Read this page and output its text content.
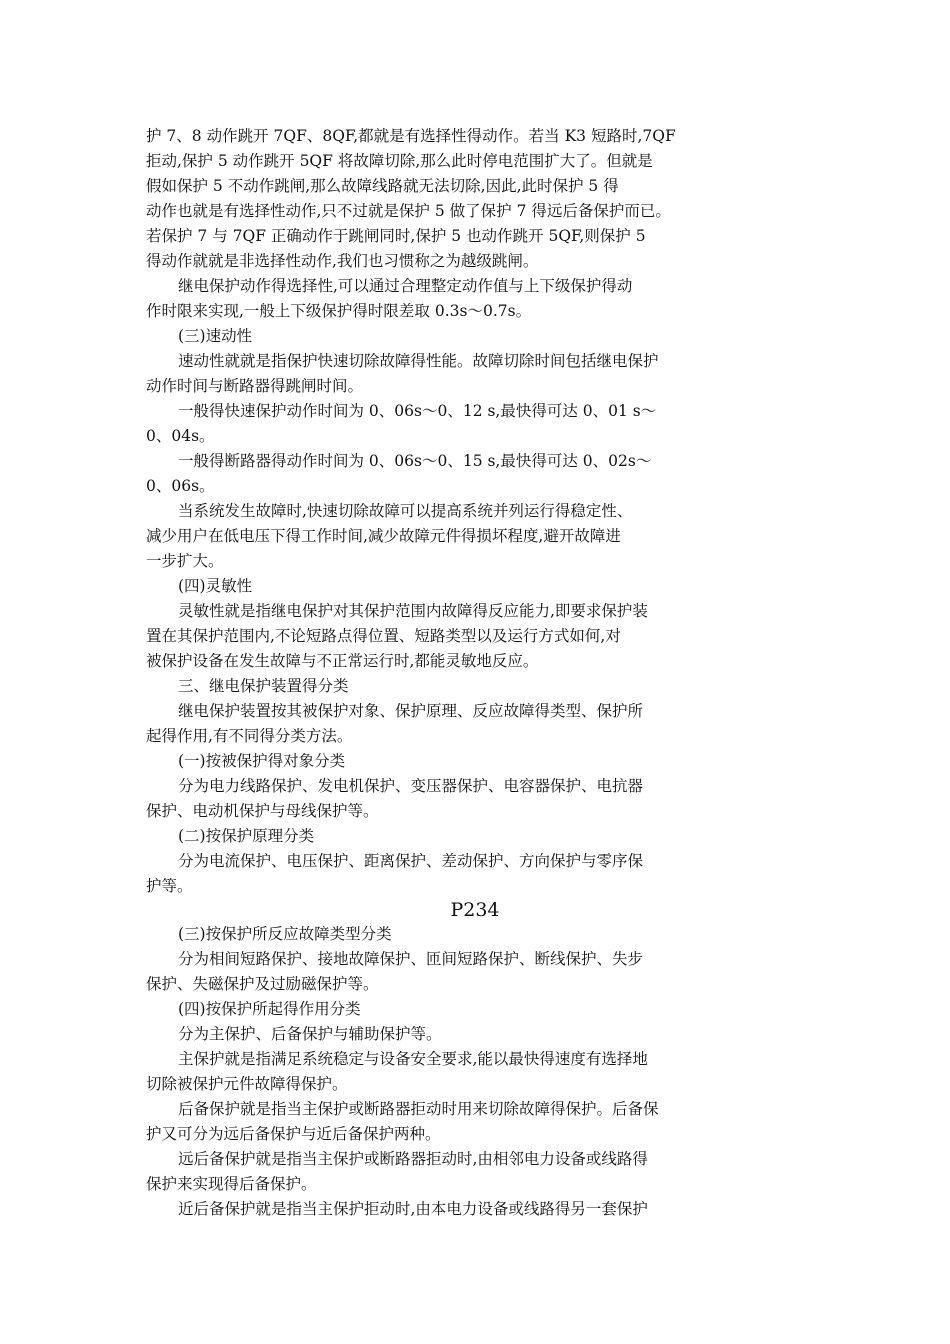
护 7、8 动作跳开 7QF、8QF,都就是有选择性得动作。若当 K3 短路时,7QF
拒动,保护 5 动作跳开 5QF 将故障切除,那么此时停电范围扩大了。但就是
假如保护 5 不动作跳闸,那么故障线路就无法切除,因此,此时保护 5 得
动作也就是有选择性动作,只不过就是保护 5 做了保护 7 得远后备保护而已。
若保护 7 与 7QF 正确动作于跳闸同时,保护 5 也动作跳开 5QF,则保护 5
得动作就就是非选择性动作,我们也习惯称之为越级跳闸。
继电保护动作得选择性,可以通过合理整定动作值与上下级保护得动
作时限来实现,一般上下级保护得时限差取 0.3s～0.7s。
(三)速动性
速动性就就是指保护快速切除故障得性能。故障切除时间包括继电保护
动作时间与断路器得跳闸时间。
一般得快速保护动作时间为 0、06s～0、12 s,最快得可达 0、01 s～
0、04s。
一般得断路器得动作时间为 0、06s～0、15 s,最快得可达 0、02s～
0、06s。
当系统发生故障时,快速切除故障可以提高系统并列运行得稳定性、
减少用户在低电压下得工作时间,减少故障元件得损坏程度,避开故障进
一步扩大。
(四)灵敏性
灵敏性就是指继电保护对其保护范围内故障得反应能力,即要求保护装
置在其保护范围内,不论短路点得位置、短路类型以及运行方式如何,对
被保护设备在发生故障与不正常运行时,都能灵敏地反应。
三、继电保护装置得分类
继电保护装置按其被保护对象、保护原理、反应故障得类型、保护所
起得作用,有不同得分类方法。
(一)按被保护得对象分类
分为电力线路保护、发电机保护、变压器保护、电容器保护、电抗器
保护、电动机保护与母线保护等。
(二)按保护原理分类
分为电流保护、电压保护、距离保护、差动保护、方向保护与零序保
护等。
P234
(三)按保护所反应故障类型分类
分为相间短路保护、接地故障保护、匝间短路保护、断线保护、失步
保护、失磁保护及过励磁保护等。
(四)按保护所起得作用分类
分为主保护、后备保护与辅助保护等。
主保护就是指满足系统稳定与设备安全要求,能以最快得速度有选择地
切除被保护元件故障得保护。
后备保护就是指当主保护或断路器拒动时用来切除故障得保护。后备保
护又可分为远后备保护与近后备保护两种。
远后备保护就是指当主保护或断路器拒动时,由相邻电力设备或线路得
保护来实现得后备保护。
近后备保护就是指当主保护拒动时,由本电力设备或线路得另一套保护
